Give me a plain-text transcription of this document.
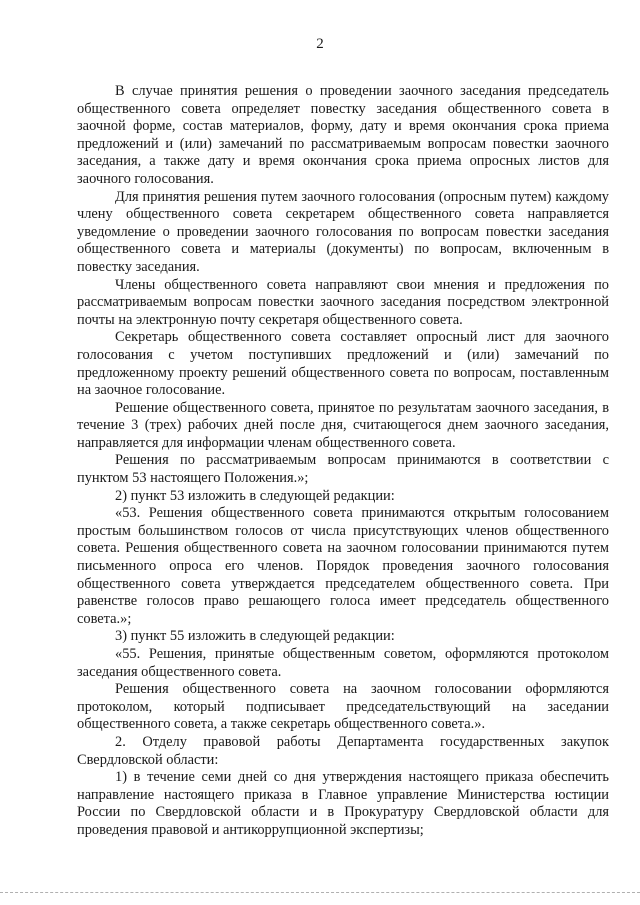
2

В случае принятия решения о проведении заочного заседания председатель общественного совета определяет повестку заседания общественного совета в заочной форме, состав материалов, форму, дату и время окончания срока приема предложений и (или) замечаний по рассматриваемым вопросам повестки заочного заседания, а также дату и время окончания срока приема опросных листов для заочного голосования.

Для принятия решения путем заочного голосования (опросным путем) каждому члену общественного совета секретарем общественного совета направляется уведомление о проведении заочного голосования по вопросам повестки заседания общественного совета и материалы (документы) по вопросам, включенным в повестку заседания.

Члены общественного совета направляют свои мнения и предложения по рассматриваемым вопросам повестки заочного заседания посредством электронной почты на электронную почту секретаря общественного совета.

Секретарь общественного совета составляет опросный лист для заочного голосования с учетом поступивших предложений и (или) замечаний по предложенному проекту решений общественного совета по вопросам, поставленным на заочное голосование.

Решение общественного совета, принятое по результатам заочного заседания, в течение 3 (трех) рабочих дней после дня, считающегося днем заочного заседания, направляется для информации членам общественного совета.

Решения по рассматриваемым вопросам принимаются в соответствии с пунктом 53 настоящего Положения.»;

2) пункт 53 изложить в следующей редакции:

«53. Решения общественного совета принимаются открытым голосованием простым большинством голосов от числа присутствующих членов общественного совета. Решения общественного совета на заочном голосовании принимаются путем письменного опроса его членов. Порядок проведения заочного голосования общественного совета утверждается председателем общественного совета. При равенстве голосов право решающего голоса имеет председатель общественного совета.»;

3) пункт 55 изложить в следующей редакции:

«55. Решения, принятые общественным советом, оформляются протоколом заседания общественного совета.

Решения общественного совета на заочном голосовании оформляются протоколом, который подписывает председательствующий на заседании общественного совета, а также секретарь общественного совета.».

2. Отделу правовой работы Департамента государственных закупок Свердловской области:

1) в течение семи дней со дня утверждения настоящего приказа обеспечить направление настоящего приказа в Главное управление Министерства юстиции России по Свердловской области и в Прокуратуру Свердловской области для проведения правовой и антикоррупционной экспертизы;
